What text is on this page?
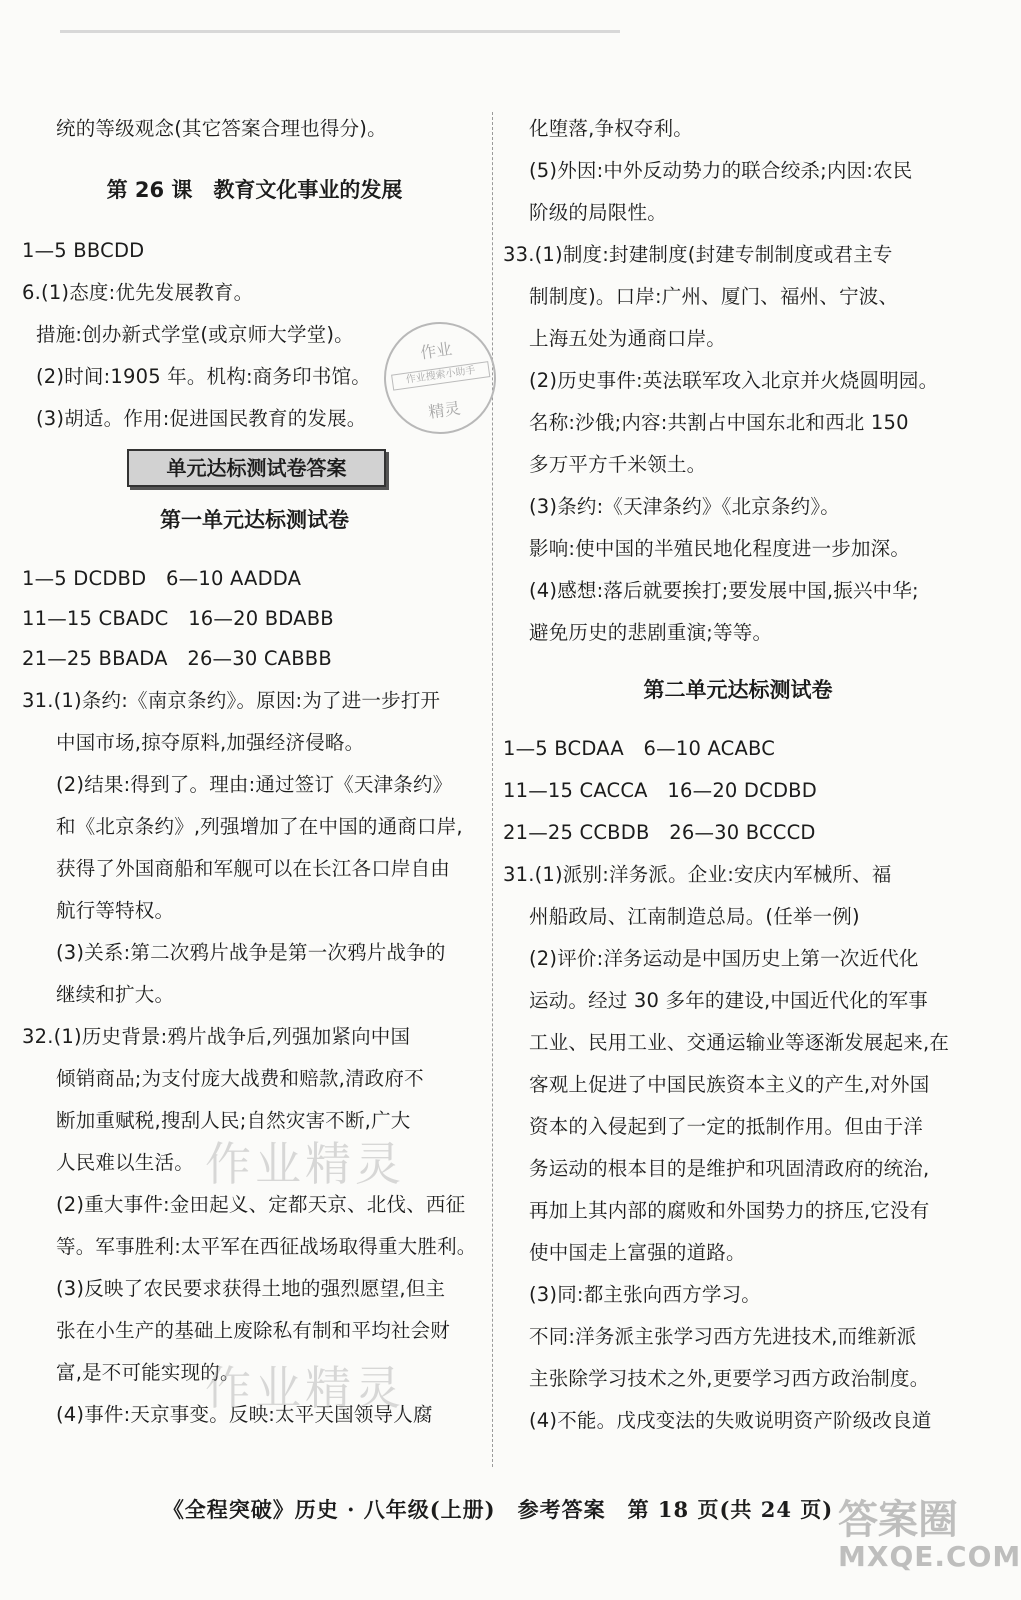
统的等级观念(其它答案合理也得分)。
第 26 课　教育文化事业的发展
1—5 BBCDD
6.(1)态度:优先发展教育。
措施:创办新式学堂(或京师大学堂)。
(2)时间:1905 年。机构:商务印书馆。
(3)胡适。作用:促进国民教育的发展。
单元达标测试卷答案
第一单元达标测试卷
1—5 DCDBD　6—10 AADDA
11—15 CBADC　16—20 BDABB
21—25 BBADA　26—30 CABBB
31.(1)条约:《南京条约》。原因:为了进一步打开
中国市场,掠夺原料,加强经济侵略。
(2)结果:得到了。理由:通过签订《天津条约》
和《北京条约》,列强增加了在中国的通商口岸,
获得了外国商船和军舰可以在长江各口岸自由
航行等特权。
(3)关系:第二次鸦片战争是第一次鸦片战争的
继续和扩大。
32.(1)历史背景:鸦片战争后,列强加紧向中国
倾销商品;为支付庞大战费和赔款,清政府不
断加重赋税,搜刮人民;自然灾害不断,广大
人民难以生活。
(2)重大事件:金田起义、定都天京、北伐、西征
等。军事胜利:太平军在西征战场取得重大胜利。
(3)反映了农民要求获得土地的强烈愿望,但主
张在小生产的基础上废除私有制和平均社会财
富,是不可能实现的。
(4)事件:天京事变。反映:太平天国领导人腐
化堕落,争权夺利。
(5)外因:中外反动势力的联合绞杀;内因:农民
阶级的局限性。
33.(1)制度:封建制度(封建专制制度或君主专
制制度)。口岸:广州、厦门、福州、宁波、
上海五处为通商口岸。
(2)历史事件:英法联军攻入北京并火烧圆明园。
名称:沙俄;内容:共割占中国东北和西北 150
多万平方千米领土。
(3)条约:《天津条约》《北京条约》。
影响:使中国的半殖民地化程度进一步加深。
(4)感想:落后就要挨打;要发展中国,振兴中华;
避免历史的悲剧重演;等等。
第二单元达标测试卷
1—5 BCDAA　6—10 ACABC
11—15 CACCA　16—20 DCDBD
21—25 CCBDB　26—30 BCCCD
31.(1)派别:洋务派。企业:安庆内军械所、福
州船政局、江南制造总局。(任举一例)
(2)评价:洋务运动是中国历史上第一次近代化
运动。经过 30 多年的建设,中国近代化的军事
工业、民用工业、交通运输业等逐渐发展起来,在
客观上促进了中国民族资本主义的产生,对外国
资本的入侵起到了一定的抵制作用。但由于洋
务运动的根本目的是维护和巩固清政府的统治,
再加上其内部的腐败和外国势力的挤压,它没有
使中国走上富强的道路。
(3)同:都主张向西方学习。
不同:洋务派主张学习西方先进技术,而维新派
主张除学习技术之外,更要学习西方政治制度。
(4)不能。戊戌变法的失败说明资产阶级改良道
作业
作业搜索小助手
精灵
作业精灵
作业精灵
《全程突破》历史 · 八年级(上册)　参考答案　第 18 页(共 24 页) 答案圈
MXQE.COM
